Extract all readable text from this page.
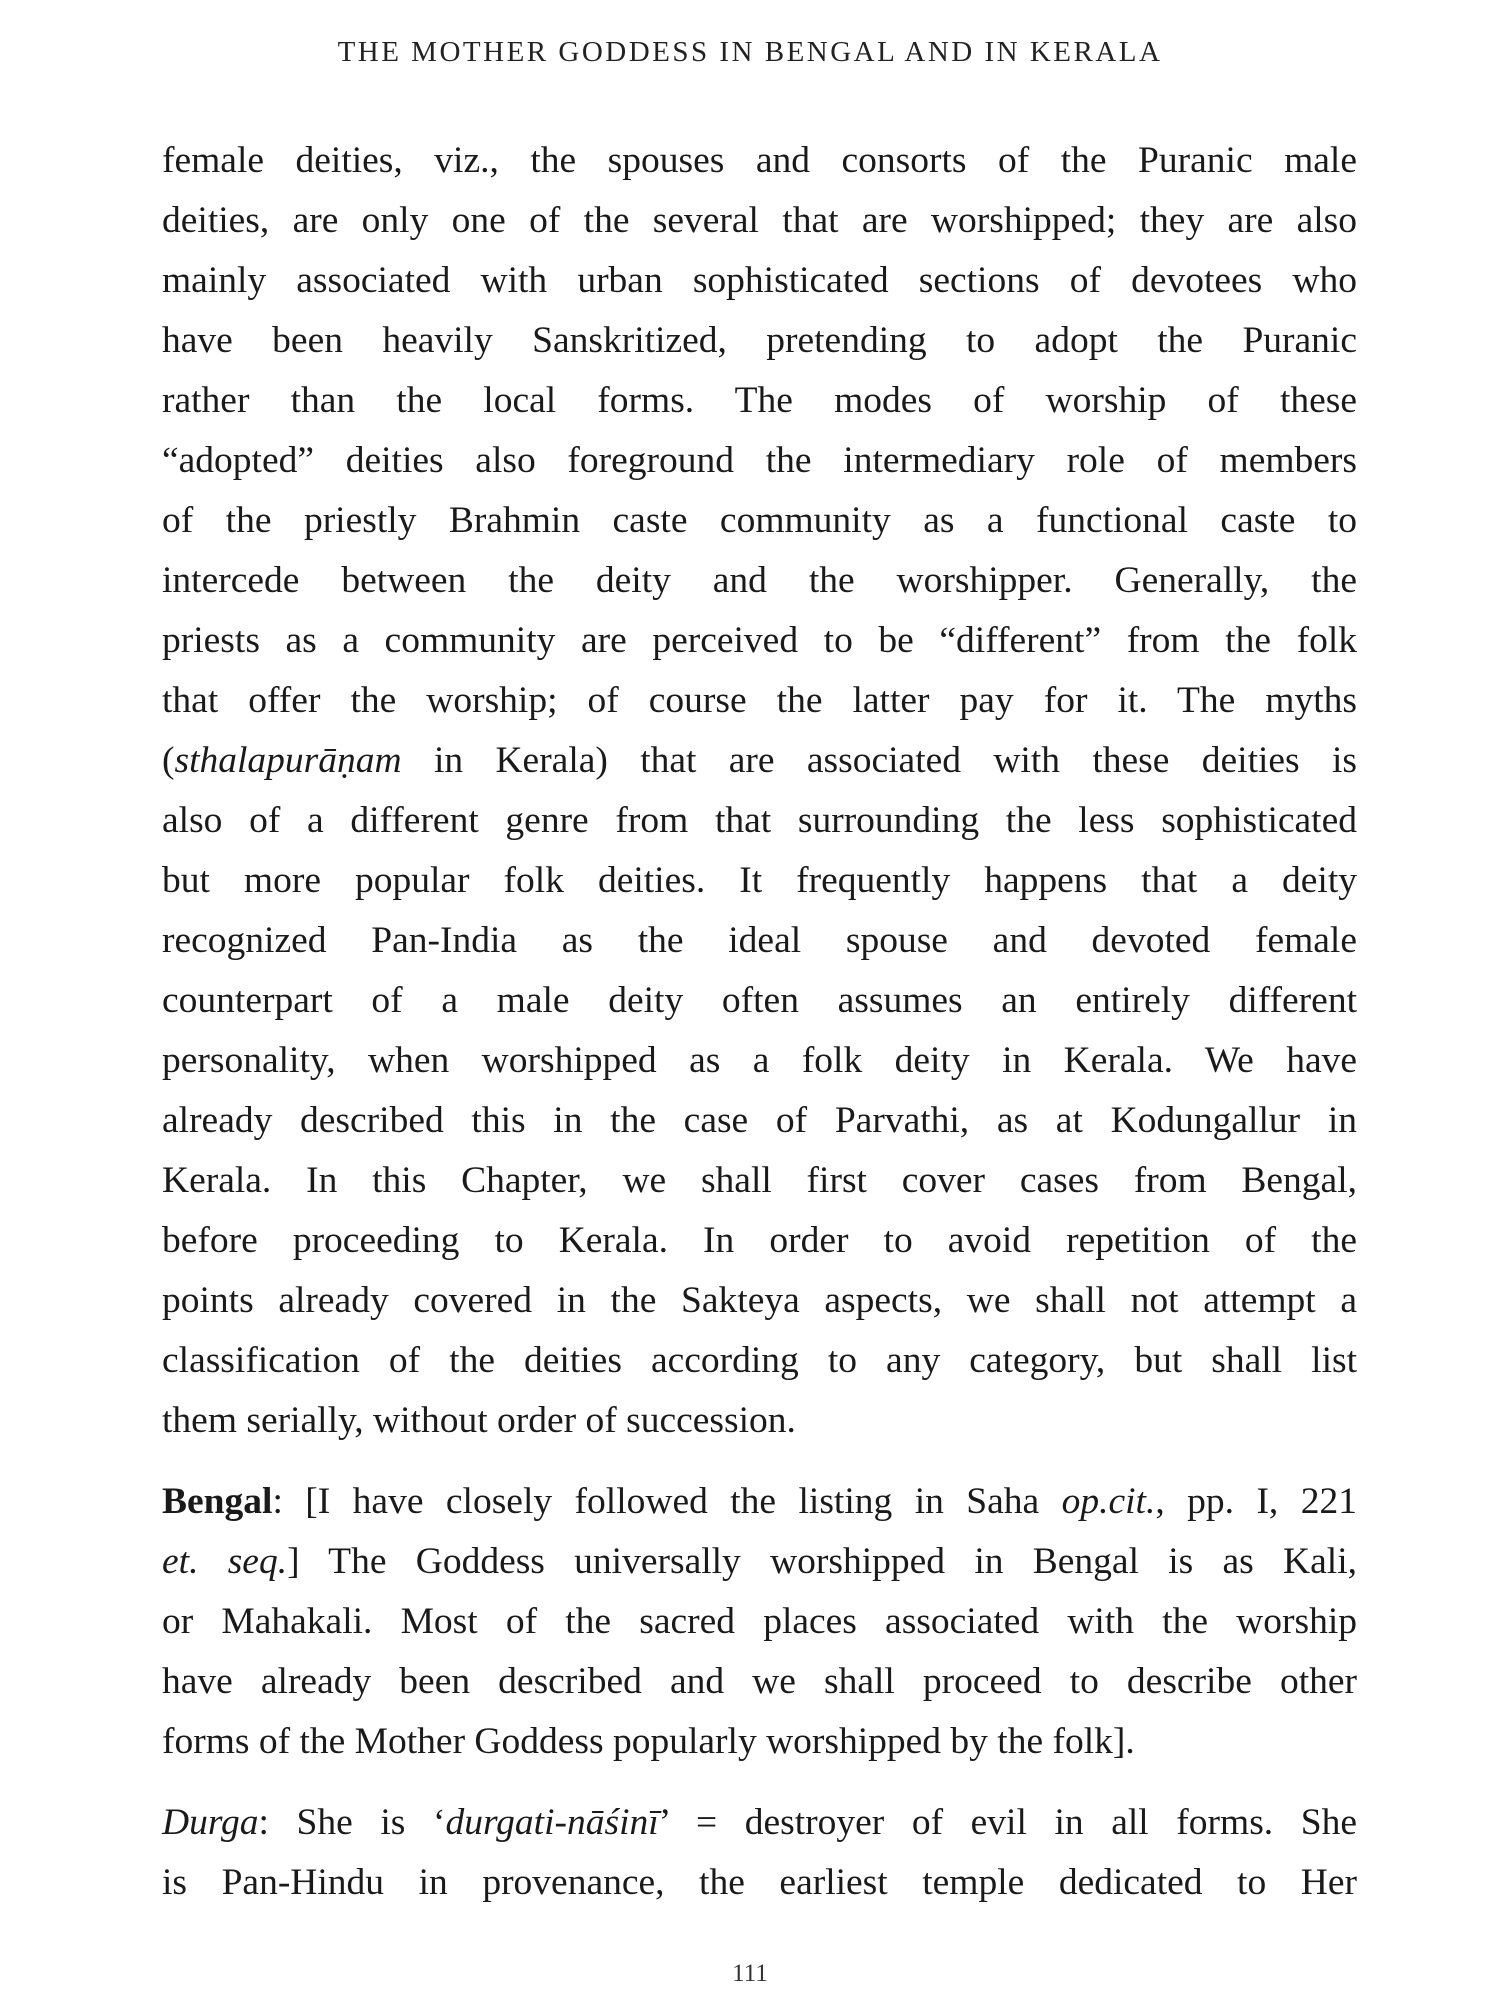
THE MOTHER GODDESS IN BENGAL AND IN KERALA
female deities, viz., the spouses and consorts of the Puranic male
deities, are only one of the several that are worshipped; they are also
mainly associated with urban sophisticated sections of devotees who
have been heavily Sanskritized, pretending to adopt the Puranic
rather than the local forms. The modes of worship of these
“adopted” deities also foreground the intermediary role of members
of the priestly Brahmin caste community as a functional caste to
intercede between the deity and the worshipper. Generally, the
priests as a community are perceived to be “different” from the folk
that offer the worship; of course the latter pay for it. The myths
(sthalapurāṇam in Kerala) that are associated with these deities is
also of a different genre from that surrounding the less sophisticated
but more popular folk deities. It frequently happens that a deity
recognized Pan-India as the ideal spouse and devoted female
counterpart of a male deity often assumes an entirely different
personality, when worshipped as a folk deity in Kerala. We have
already described this in the case of Parvathi, as at Kodungallur in
Kerala. In this Chapter, we shall first cover cases from Bengal,
before proceeding to Kerala. In order to avoid repetition of the
points already covered in the Sakteya aspects, we shall not attempt a
classification of the deities according to any category, but shall list
them serially, without order of succession.
Bengal: [I have closely followed the listing in Saha op.cit., pp. I, 221
et. seq.] The Goddess universally worshipped in Bengal is as Kali,
or Mahakali. Most of the sacred places associated with the worship
have already been described and we shall proceed to describe other
forms of the Mother Goddess popularly worshipped by the folk].
Durga: She is ‘durgati-nāśinī’ = destroyer of evil in all forms. She
is Pan-Hindu in provenance, the earliest temple dedicated to Her
111
